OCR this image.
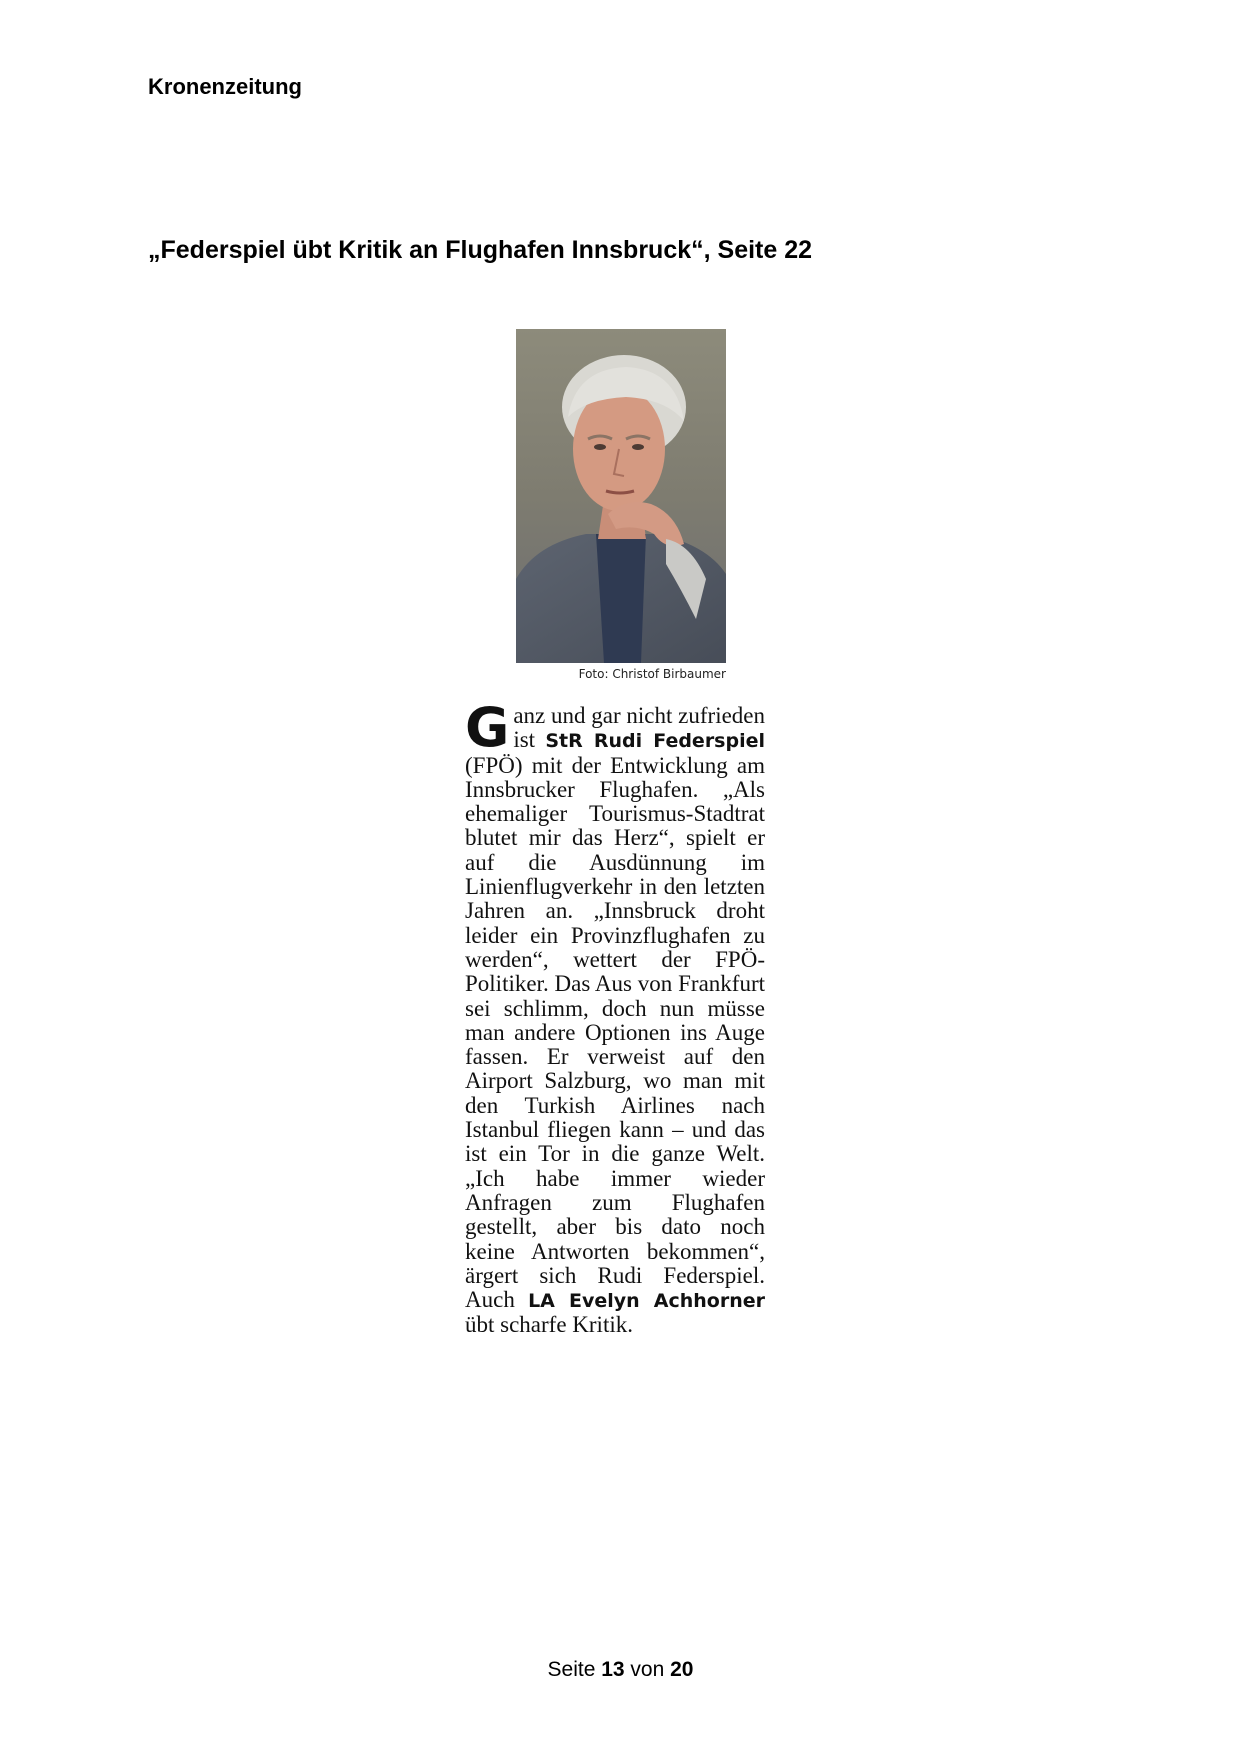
Kronenzeitung
„Federspiel übt Kritik an Flughafen Innsbruck“, Seite 22
Foto: Christof Birbaumer
Ganz und gar nicht zufrieden ist StR Rudi Federspiel (FPÖ) mit der Entwicklung am Innsbrucker Flughafen. „Als ehemaliger Tourismus-Stadtrat blutet mir das Herz“, spielt er auf die Ausdünnung im Linienflugverkehr in den letzten Jahren an. „Innsbruck droht leider ein Provinzflughafen zu werden“, wettert der FPÖ-Politiker. Das Aus von Frankfurt sei schlimm, doch nun müsse man andere Optionen ins Auge fassen. Er verweist auf den Airport Salzburg, wo man mit den Turkish Airlines nach Istanbul fliegen kann – und das ist ein Tor in die ganze Welt. „Ich habe immer wieder Anfragen zum Flughafen gestellt, aber bis dato noch keine Antworten bekommen“, ärgert sich Rudi Federspiel. Auch LA Evelyn Achhorner übt scharfe Kritik.
Seite 13 von 20
